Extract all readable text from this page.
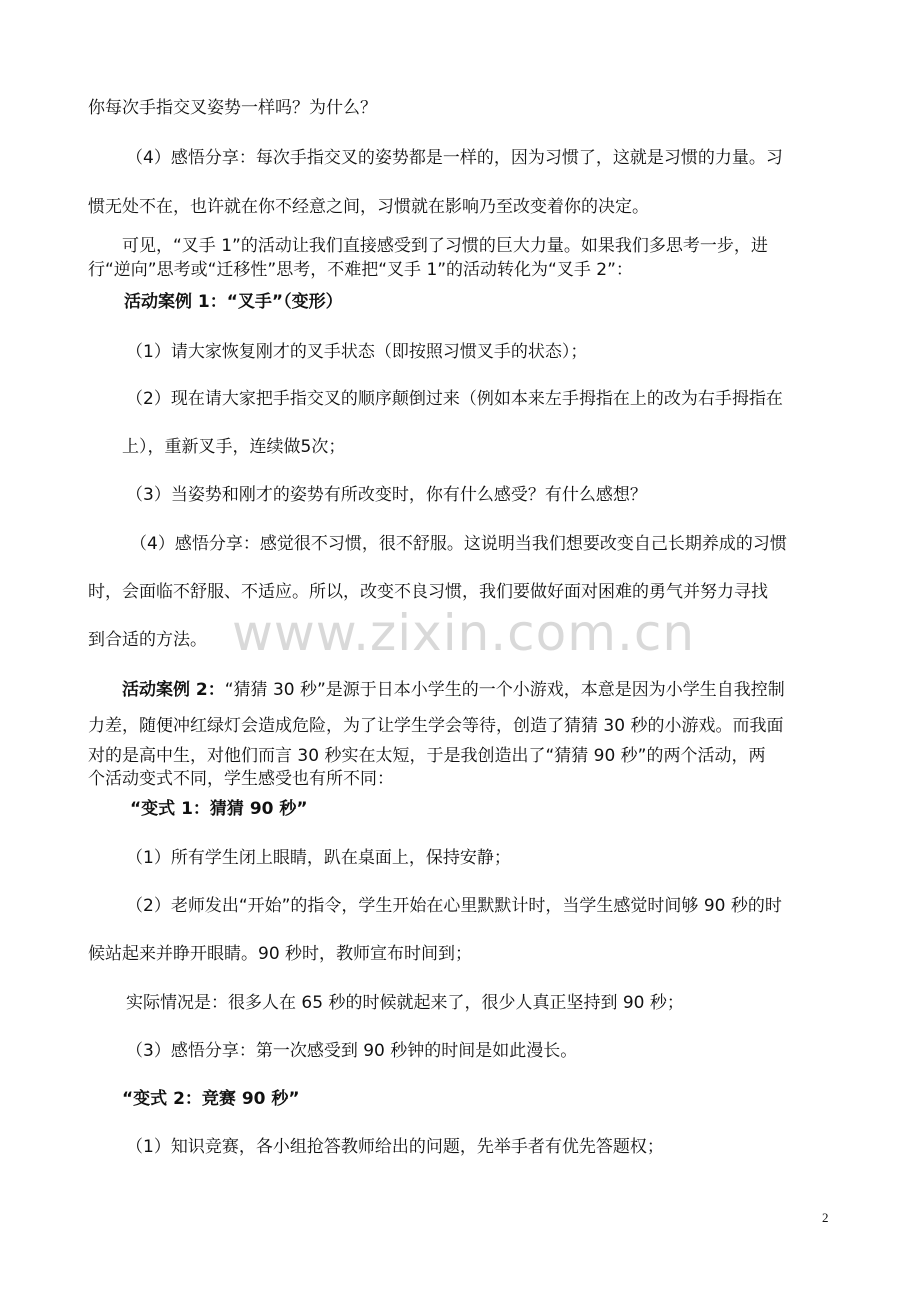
www.zixin.com.cn
你每次手指交叉姿势一样吗？为什么？
（4）感悟分享：每次手指交叉的姿势都是一样的，因为习惯了，这就是习惯的力量。习
惯无处不在，也许就在你不经意之间，习惯就在影响乃至改变着你的决定。
可见，“叉手 1”的活动让我们直接感受到了习惯的巨大力量。如果我们多思考一步，进
行“逆向”思考或“迁移性”思考，不难把“叉手 1”的活动转化为“叉手 2”：
活动案例 1：“叉手”（变形）
（1）请大家恢复刚才的叉手状态（即按照习惯叉手的状态）；
（2）现在请大家把手指交叉的顺序颠倒过来（例如本来左手拇指在上的改为右手拇指在
上），重新叉手，连续做5次；
（3）当姿势和刚才的姿势有所改变时，你有什么感受？有什么感想？
（4）感悟分享：感觉很不习惯，很不舒服。这说明当我们想要改变自己长期养成的习惯
时，会面临不舒服、不适应。所以，改变不良习惯，我们要做好面对困难的勇气并努力寻找
到合适的方法。
活动案例 2：“猜猜 30 秒”是源于日本小学生的一个小游戏，本意是因为小学生自我控制
力差，随便冲红绿灯会造成危险，为了让学生学会等待，创造了猜猜 30 秒的小游戏。而我面
对的是高中生，对他们而言 30 秒实在太短，于是我创造出了“猜猜 90 秒”的两个活动，两
个活动变式不同，学生感受也有所不同：
“变式 1：猜猜 90 秒”
（1）所有学生闭上眼睛，趴在桌面上，保持安静；
（2）老师发出“开始”的指令，学生开始在心里默默计时，当学生感觉时间够 90 秒的时
候站起来并睁开眼睛。90 秒时，教师宣布时间到；
实际情况是：很多人在 65 秒的时候就起来了，很少人真正坚持到 90 秒；
（3）感悟分享：第一次感受到 90 秒钟的时间是如此漫长。
“变式 2：竞赛 90 秒”
（1）知识竞赛，各小组抢答教师给出的问题，先举手者有优先答题权；
2
